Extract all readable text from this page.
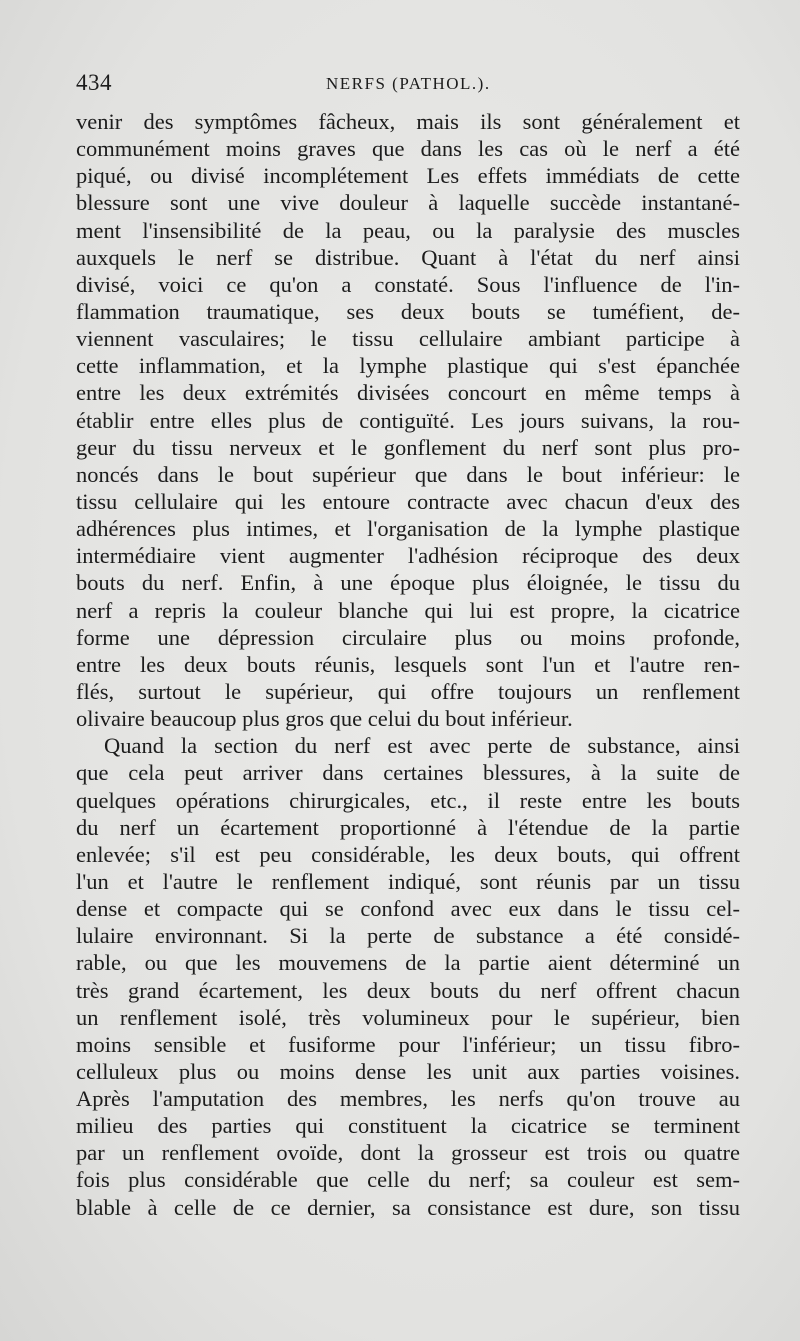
434	NERFS (PATHOL.).
venir des symptômes fâcheux, mais ils sont généralement et
communément moins graves que dans les cas où le nerf a été
piqué, ou divisé incomplétement Les effets immédiats de cette
blessure sont une vive douleur à laquelle succède instantané-
ment l'insensibilité de la peau, ou la paralysie des muscles
auxquels le nerf se distribue. Quant à l'état du nerf ainsi
divisé, voici ce qu'on a constaté. Sous l'influence de l'in-
flammation traumatique, ses deux bouts se tuméfient, de-
viennent vasculaires; le tissu cellulaire ambiant participe à
cette inflammation, et la lymphe plastique qui s'est épanchée
entre les deux extrémités divisées concourt en même temps à
établir entre elles plus de contiguïté. Les jours suivans, la rou-
geur du tissu nerveux et le gonflement du nerf sont plus pro-
noncés dans le bout supérieur que dans le bout inférieur: le
tissu cellulaire qui les entoure contracte avec chacun d'eux des
adhérences plus intimes, et l'organisation de la lymphe plastique
intermédiaire vient augmenter l'adhésion réciproque des deux
bouts du nerf. Enfin, à une époque plus éloignée, le tissu du
nerf a repris la couleur blanche qui lui est propre, la cicatrice
forme une dépression circulaire plus ou moins profonde,
entre les deux bouts réunis, lesquels sont l'un et l'autre ren-
flés, surtout le supérieur, qui offre toujours un renflement
olivaire beaucoup plus gros que celui du bout inférieur.
Quand la section du nerf est avec perte de substance, ainsi
que cela peut arriver dans certaines blessures, à la suite de
quelques opérations chirurgicales, etc., il reste entre les bouts
du nerf un écartement proportionné à l'étendue de la partie
enlevée; s'il est peu considérable, les deux bouts, qui offrent
l'un et l'autre le renflement indiqué, sont réunis par un tissu
dense et compacte qui se confond avec eux dans le tissu cel-
lulaire environnant. Si la perte de substance a été considé-
rable, ou que les mouvemens de la partie aient déterminé un
très grand écartement, les deux bouts du nerf offrent chacun
un renflement isolé, très volumineux pour le supérieur, bien
moins sensible et fusiforme pour l'inférieur; un tissu fibro-
celluleux plus ou moins dense les unit aux parties voisines.
Après l'amputation des membres, les nerfs qu'on trouve au
milieu des parties qui constituent la cicatrice se terminent
par un renflement ovoïde, dont la grosseur est trois ou quatre
fois plus considérable que celle du nerf; sa couleur est sem-
blable à celle de ce dernier, sa consistance est dure, son tissu
